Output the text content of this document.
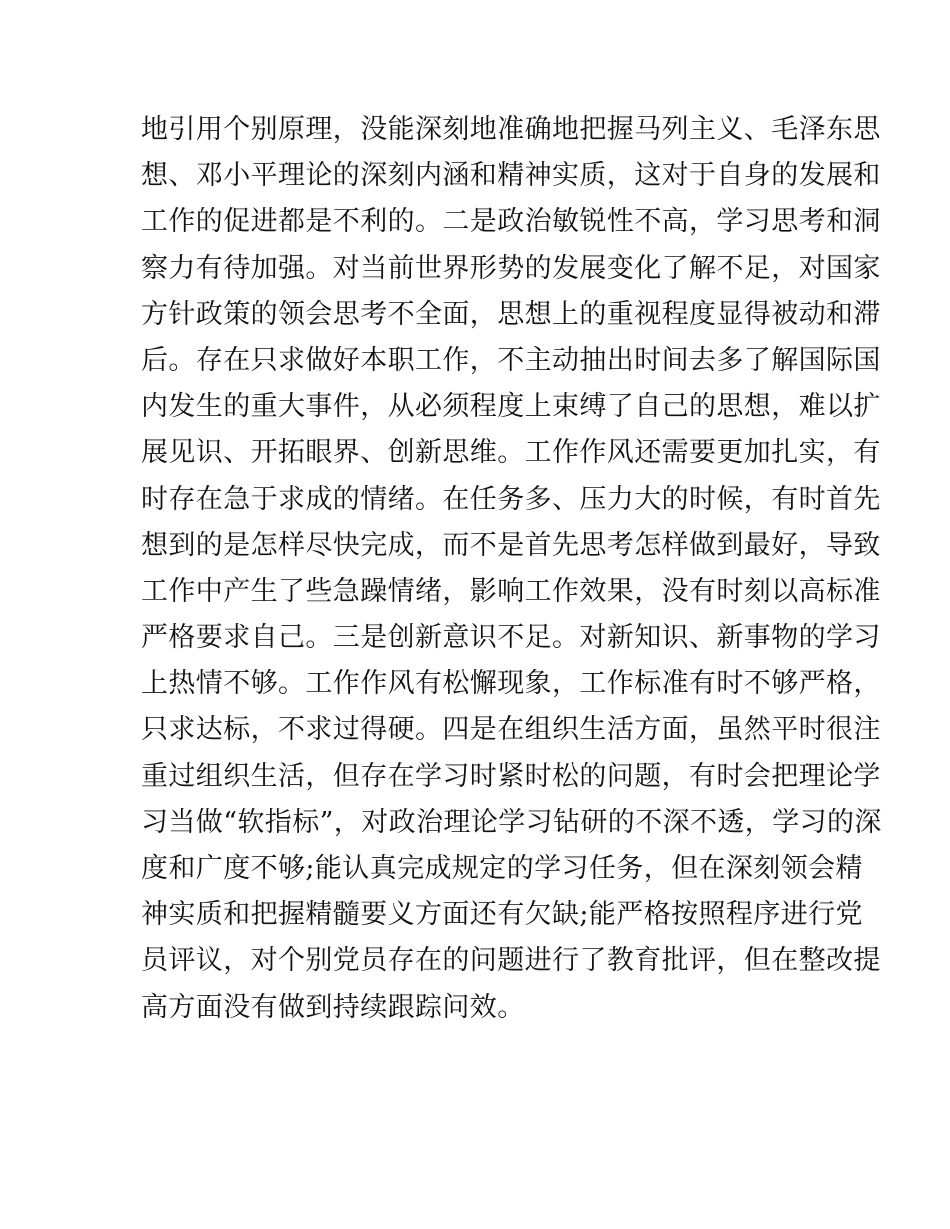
地引用个别原理，没能深刻地准确地把握马列主义、毛泽东思
想、邓小平理论的深刻内涵和精神实质，这对于自身的发展和
工作的促进都是不利的。二是政治敏锐性不高，学习思考和洞
察力有待加强。对当前世界形势的发展变化了解不足，对国家
方针政策的领会思考不全面，思想上的重视程度显得被动和滞
后。存在只求做好本职工作，不主动抽出时间去多了解国际国
内发生的重大事件，从必须程度上束缚了自己的思想，难以扩
展见识、开拓眼界、创新思维。工作作风还需要更加扎实，有
时存在急于求成的情绪。在任务多、压力大的时候，有时首先
想到的是怎样尽快完成，而不是首先思考怎样做到最好，导致
工作中产生了些急躁情绪，影响工作效果，没有时刻以高标准
严格要求自己。三是创新意识不足。对新知识、新事物的学习
上热情不够。工作作风有松懈现象，工作标准有时不够严格，
只求达标，不求过得硬。四是在组织生活方面，虽然平时很注
重过组织生活，但存在学习时紧时松的问题，有时会把理论学
习当做“软指标”，对政治理论学习钻研的不深不透，学习的深
度和广度不够;能认真完成规定的学习任务，但在深刻领会精
神实质和把握精髓要义方面还有欠缺;能严格按照程序进行党
员评议，对个别党员存在的问题进行了教育批评，但在整改提
高方面没有做到持续跟踪问效。
